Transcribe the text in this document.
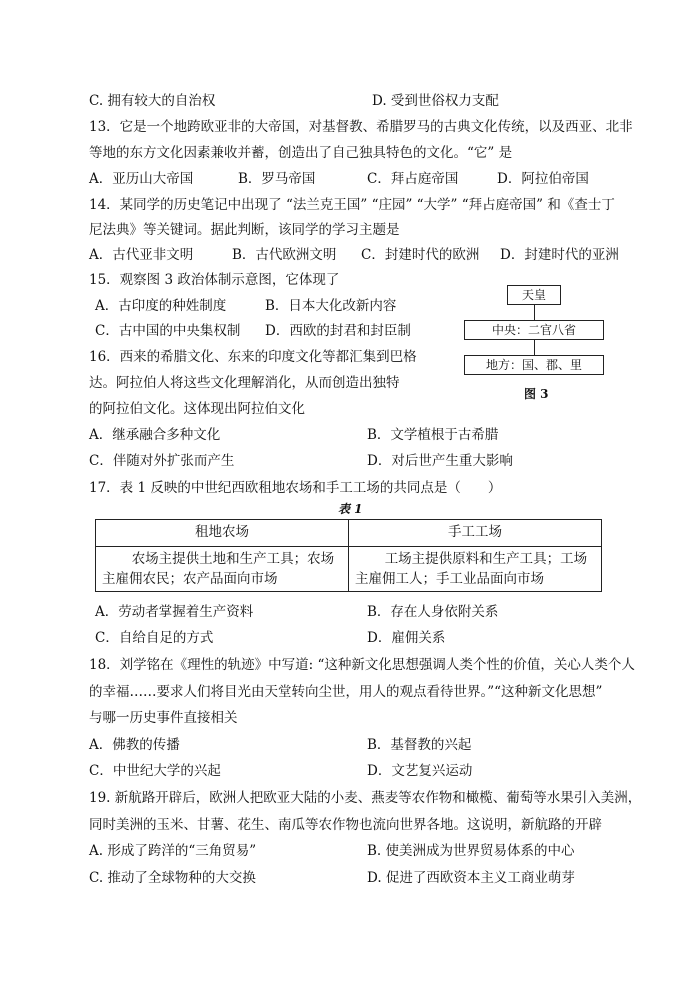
C. 拥有较大的自治权	D. 受到世俗权力支配
13．它是一个地跨欧亚非的大帝国，对基督教、希腊罗马的古典文化传统，以及西亚、北非
等地的东方文化因素兼收并蓄，创造出了自己独具特色的文化。“它” 是
A．亚历山大帝国	B．罗马帝国	C．拜占庭帝国	D．阿拉伯帝国
14．某同学的历史笔记中出现了 “法兰克王国” “庄园” “大学” “拜占庭帝国” 和《查士丁
尼法典》等关键词。据此判断，该同学的学习主题是
A．古代亚非文明	B．古代欧洲文明 C．封建时代的欧洲 D．封建时代的亚洲
15．观察图 3 政治体制示意图，它体现了
A．古印度的种姓制度	B．日本大化改新内容
C．古中国的中央集权制 D．西欧的封君和封臣制
天皇
中央：二官八省
地方：国、郡、里
图 3
16．西来的希腊文化、东来的印度文化等都汇集到巴格
达。阿拉伯人将这些文化理解消化，从而创造出独特
的阿拉伯文化。这体现出阿拉伯文化
A．继承融合多种文化	B．文学植根于古希腊
C．伴随对外扩张而产生	D．对后世产生重大影响
17．表 1 反映的中世纪西欧租地农场和手工工场的共同点是（　　）
表 1
租地农场	手工工场
农场主提供土地和生产工具；农场主雇佣农民；农产品面向市场	工场主提供原料和生产工具；工场主雇佣工人；手工业品面向市场
A．劳动者掌握着生产资料	B．存在人身依附关系
C．自给自足的方式	D．雇佣关系
18．刘学铭在《理性的轨迹》中写道: “这种新文化思想强调人类个性的价值，关心人类个人
的幸福……要求人们将目光由天堂转向尘世，用人的观点看待世界。”“这种新文化思想”
与哪一历史事件直接相关
A．佛教的传播	B．基督教的兴起
C．中世纪大学的兴起	D．文艺复兴运动
19. 新航路开辟后，欧洲人把欧亚大陆的小麦、燕麦等农作物和橄榄、葡萄等水果引入美洲，
同时美洲的玉米、甘薯、花生、南瓜等农作物也流向世界各地。这说明，新航路的开辟
A. 形成了跨洋的“三角贸易”	B. 使美洲成为世界贸易体系的中心
C. 推动了全球物种的大交换	D. 促进了西欧资本主义工商业萌芽
